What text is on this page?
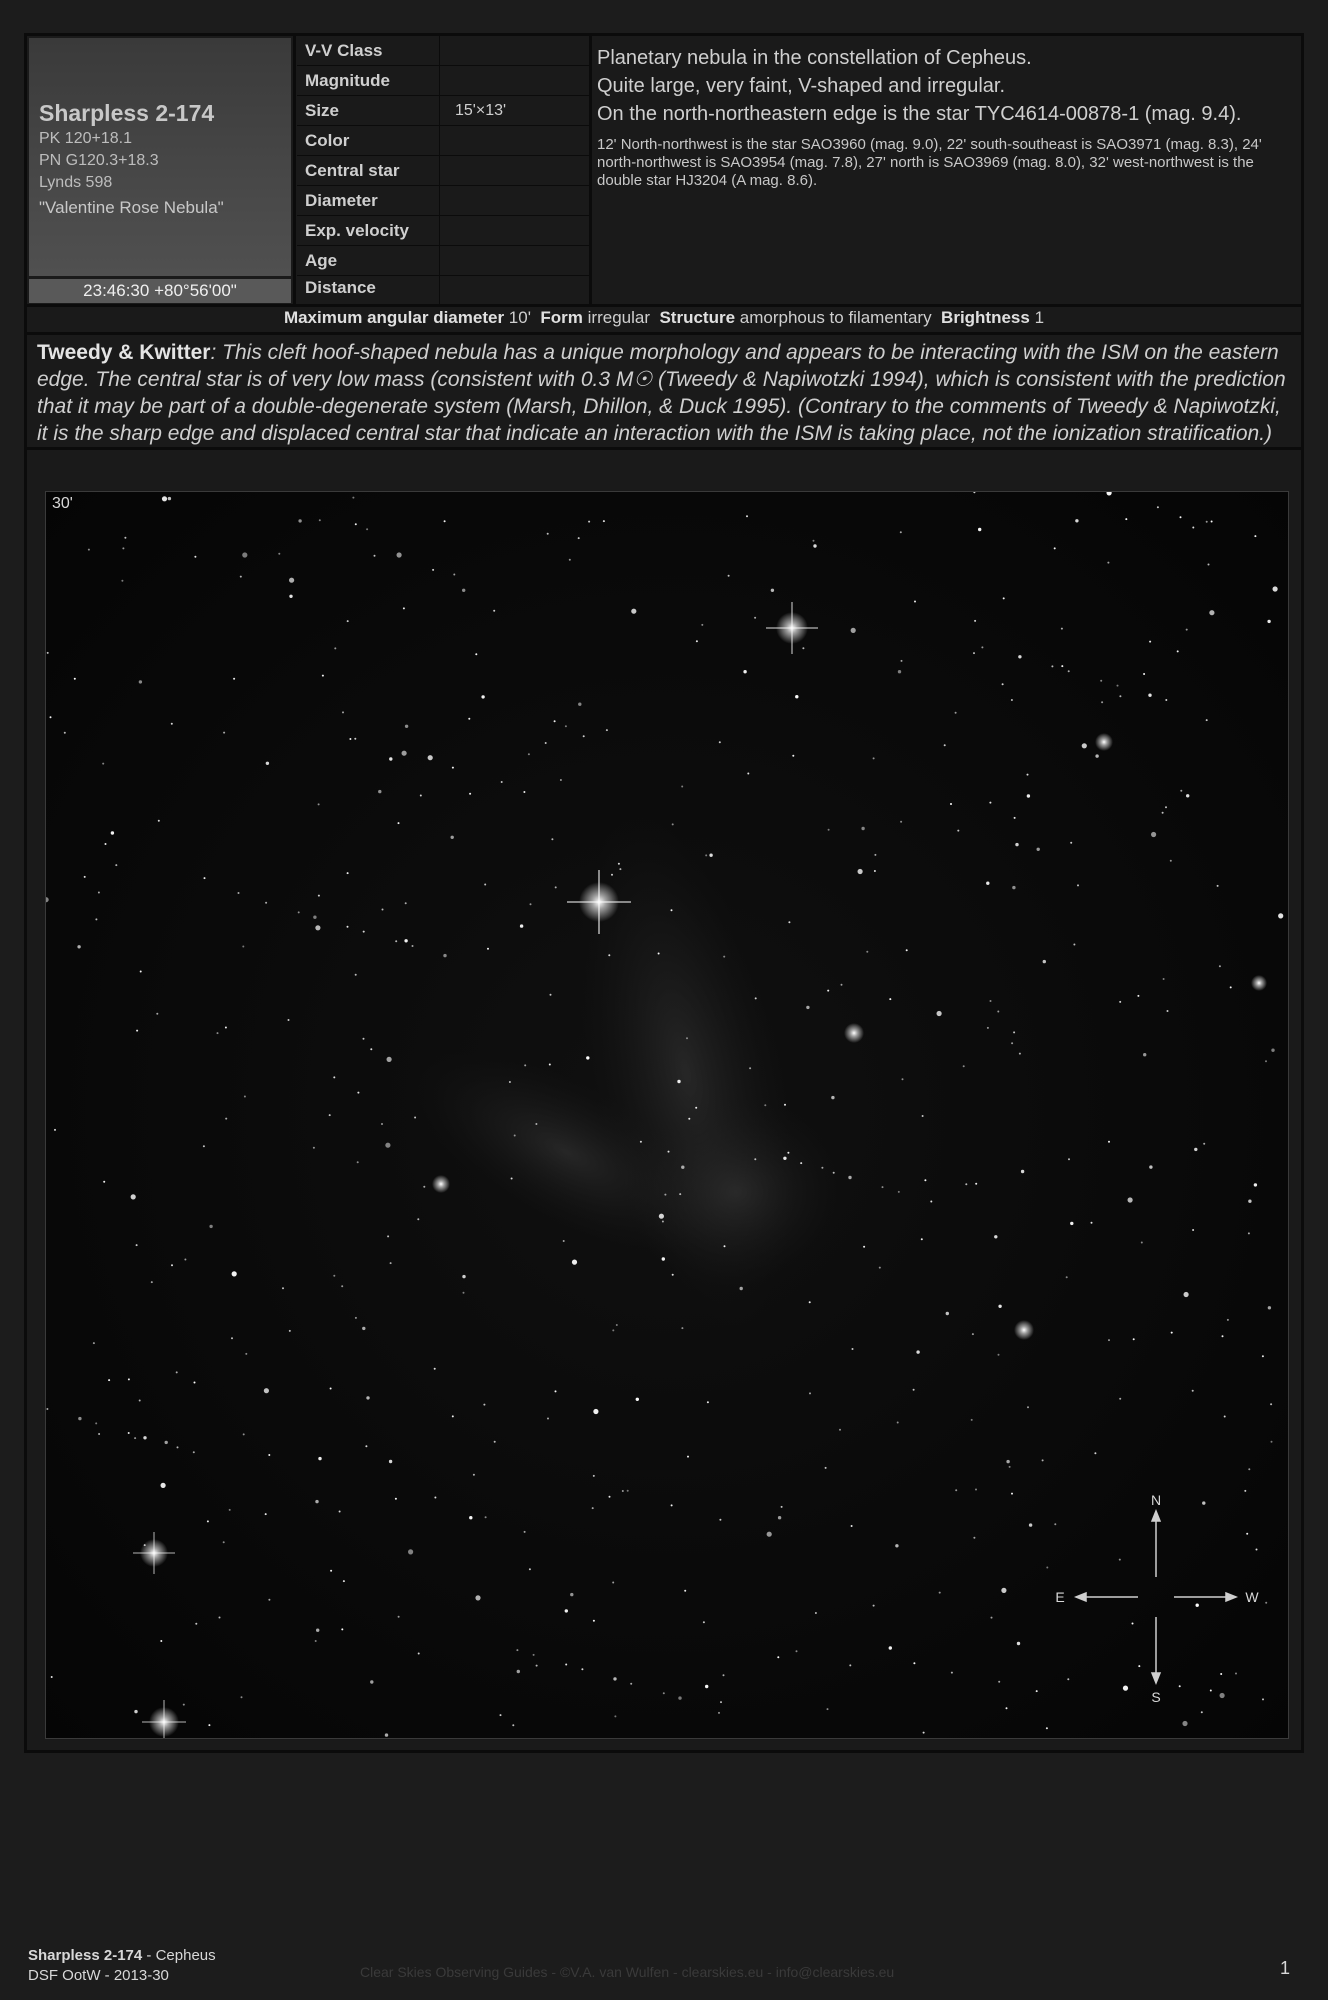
Sharpless 2-174
PK 120+18.1
PN G120.3+18.3
Lynds 598
"Valentine Rose Nebula"
23:46:30 +80°56'00"
V-V Class
Magnitude
Size	15'×13'
Color
Central star
Diameter
Exp. velocity
Age
Distance
Planetary nebula in the constellation of Cepheus.
Quite large, very faint, V-shaped and irregular.
On the north-northeastern edge is the star TYC4614-00878-1 (mag. 9.4).
12' North-northwest is the star SAO3960 (mag. 9.0), 22' south-southeast is SAO3971 (mag. 8.3), 24' north-northwest is SAO3954 (mag. 7.8), 27' north is SAO3969 (mag. 8.0), 32' west-northwest is the double star HJ3204 (A mag. 8.6).
Maximum angular diameter 10' Form irregular Structure amorphous to filamentary Brightness 1

Tweedy & Kwitter: This cleft hoof-shaped nebula has a unique morphology and appears to be interacting with the ISM on the eastern edge. The central star is of very low mass (consistent with 0.3 M☉ (Tweedy & Napiwotzki 1994), which is consistent with the prediction that it may be part of a double-degenerate system (Marsh, Dhillon, & Duck 1995). (Contrary to the comments of Tweedy & Napiwotzki, it is the sharp edge and displaced central star that indicate an interaction with the ISM is taking place, not the ionization stratification.)

30'
N
S
E	W
Sharpless 2-174 - Cepheus
DSF OotW - 2013-30	Clear Skies Observing Guides - ©V.A. van Wulfen - clearskies.eu - info@clearskies.eu	1
